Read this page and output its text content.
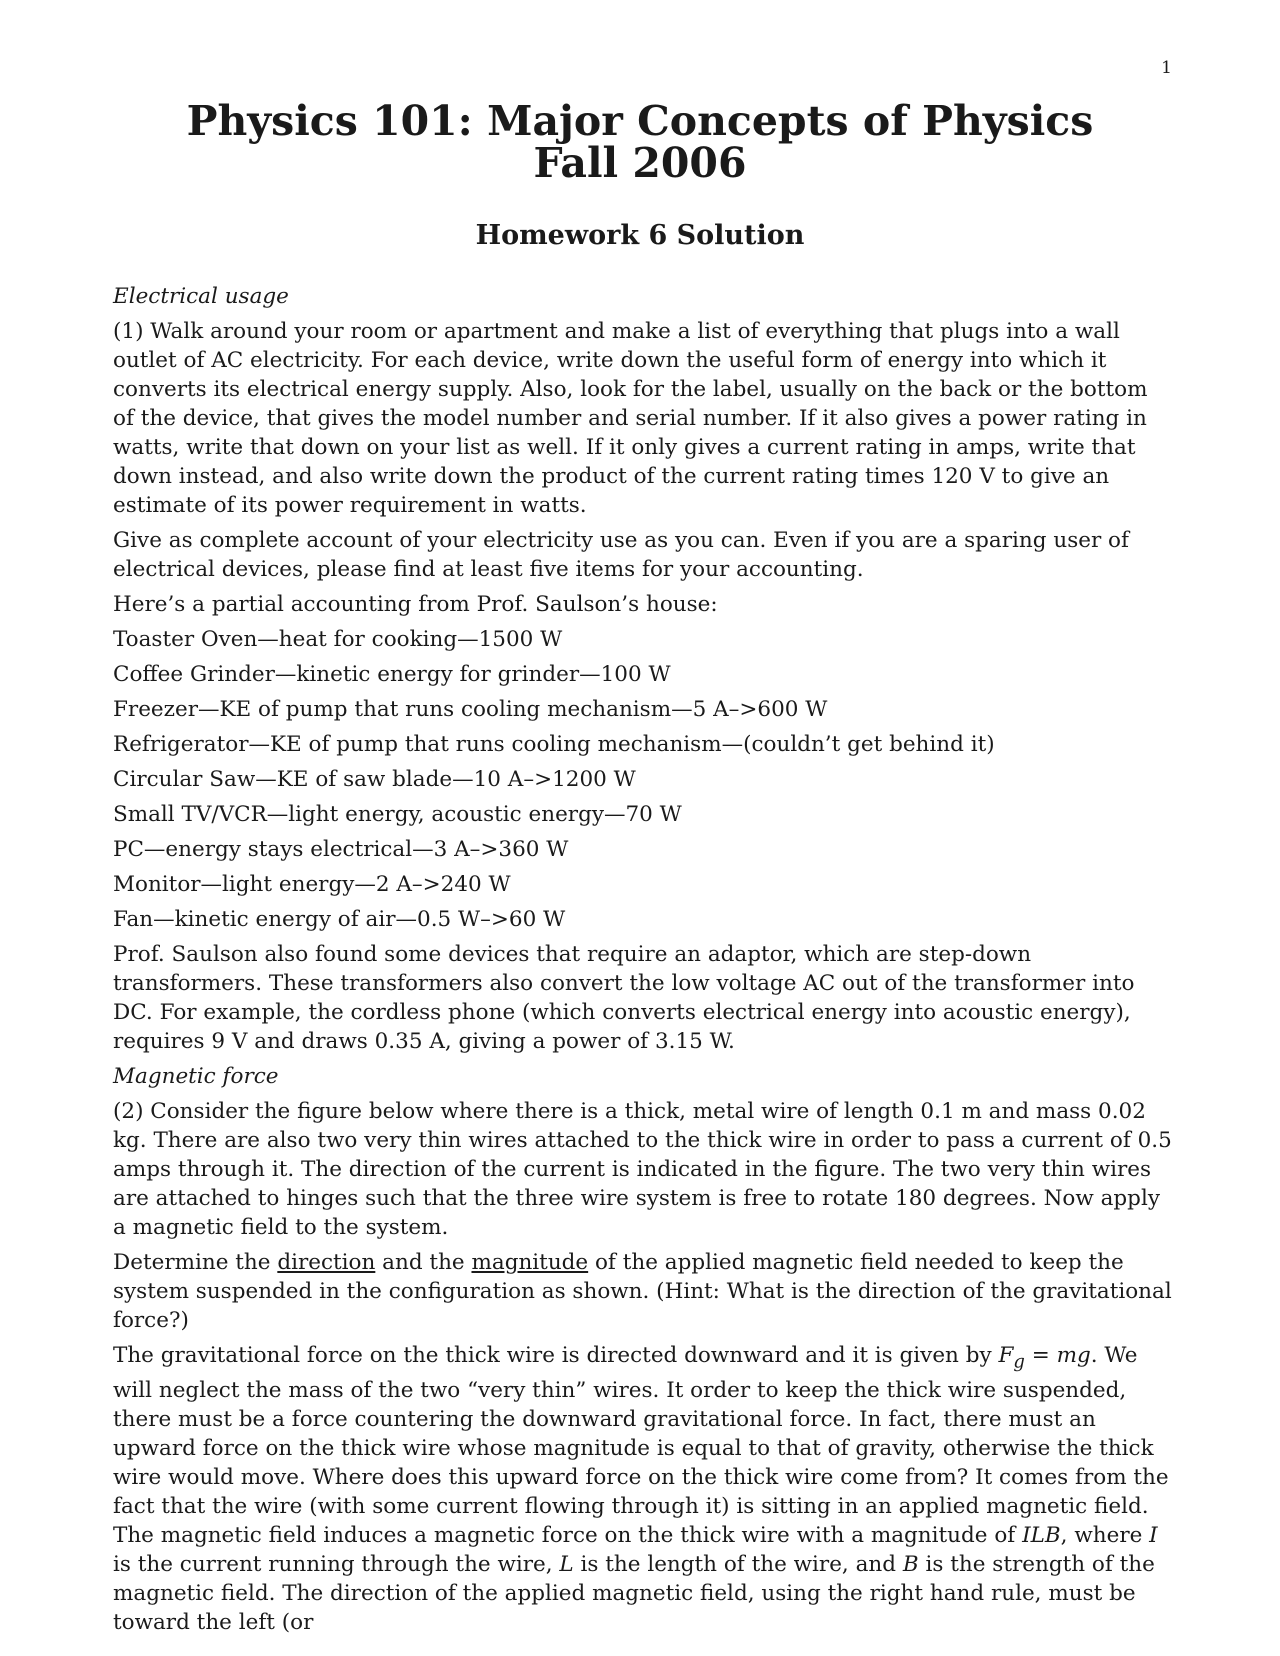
1
Physics 101: Major Concepts of Physics
Fall 2006
Homework 6 Solution

Electrical usage

(1) Walk around your room or apartment and make a list of everything that plugs into a wall outlet of AC electricity. For each device, write down the useful form of energy into which it converts its electrical energy supply. Also, look for the label, usually on the back or the bottom of the device, that gives the model number and serial number. If it also gives a power rating in watts, write that down on your list as well. If it only gives a current rating in amps, write that down instead, and also write down the product of the current rating times 120 V to give an estimate of its power requirement in watts.

Give as complete account of your electricity use as you can. Even if you are a sparing user of electrical devices, please find at least five items for your accounting.

Here’s a partial accounting from Prof. Saulson’s house:

Toaster Oven—heat for cooking—1500 W

Coffee Grinder—kinetic energy for grinder—100 W

Freezer—KE of pump that runs cooling mechanism—5 A–>600 W

Refrigerator—KE of pump that runs cooling mechanism—(couldn’t get behind it)

Circular Saw—KE of saw blade—10 A–>1200 W

Small TV/VCR—light energy, acoustic energy—70 W

PC—energy stays electrical—3 A–>360 W

Monitor—light energy—2 A–>240 W

Fan—kinetic energy of air—0.5 W–>60 W

Prof. Saulson also found some devices that require an adaptor, which are step-down transformers. These transformers also convert the low voltage AC out of the transformer into DC. For example, the cordless phone (which converts electrical energy into acoustic energy), requires 9 V and draws 0.35 A, giving a power of 3.15 W.

Magnetic force

(2) Consider the figure below where there is a thick, metal wire of length 0.1 m and mass 0.02 kg. There are also two very thin wires attached to the thick wire in order to pass a current of 0.5 amps through it. The direction of the current is indicated in the figure. The two very thin wires are attached to hinges such that the three wire system is free to rotate 180 degrees. Now apply a magnetic field to the system.

Determine the direction and the magnitude of the applied magnetic field needed to keep the system suspended in the configuration as shown. (Hint: What is the direction of the gravitational force?)

The gravitational force on the thick wire is directed downward and it is given by $F_g$ = mg. We will neglect the mass of the two “very thin” wires. It order to keep the thick wire suspended, there must be a force countering the downward gravitational force. In fact, there must an upward force on the thick wire whose magnitude is equal to that of gravity, otherwise the thick wire would move. Where does this upward force on the thick wire come from? It comes from the fact that the wire (with some current flowing through it) is sitting in an applied magnetic field. The magnetic field induces a magnetic force on the thick wire with a magnitude of ILB, where I is the current running through the wire, L is the length of the wire, and B is the strength of the magnetic field. The direction of the applied magnetic field, using the right hand rule, must be toward the left (or
